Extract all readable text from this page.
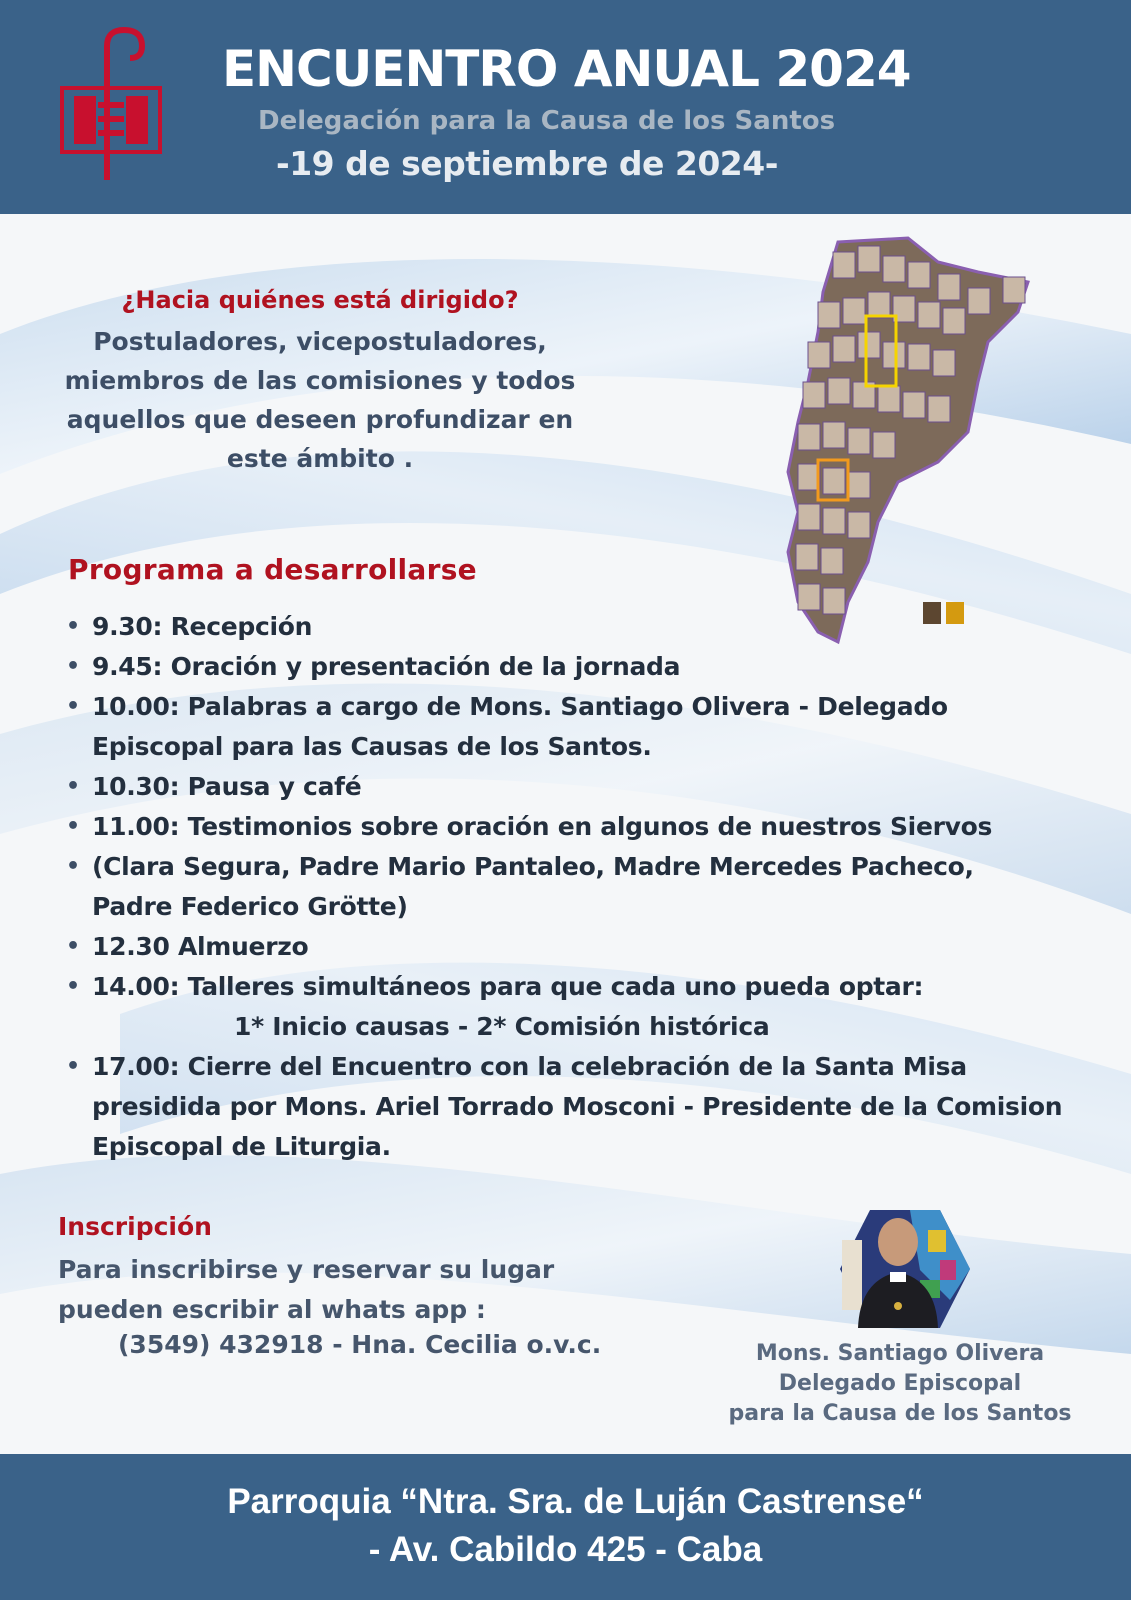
ENCUENTRO ANUAL 2024
Delegación para la Causa de los Santos
-19 de septiembre de 2024-
¿Hacia quiénes está dirigido?
Postuladores, vicepostuladores,
miembros de las comisiones y todos
aquellos que deseen profundizar en
este ámbito .
Programa a desarrollarse
• 9.30: Recepción
• 9.45: Oración y presentación de la jornada
• 10.00: Palabras a cargo de Mons. Santiago Olivera - Delegado
Episcopal para las Causas de los Santos.
• 10.30: Pausa y café
• 11.00: Testimonios sobre oración en algunos de nuestros Siervos
• (Clara Segura, Padre Mario Pantaleo, Madre Mercedes Pacheco,
Padre Federico Grötte)
• 12.30 Almuerzo
• 14.00: Talleres simultáneos para que cada uno pueda optar:
1* Inicio causas - 2* Comisión histórica
• 17.00: Cierre del Encuentro con la celebración de la Santa Misa
presidida por Mons. Ariel Torrado Mosconi - Presidente de la Comision
Episcopal de Liturgia.
Inscripción
Para inscribirse y reservar su lugar
pueden escribir al whats app :
(3549) 432918 - Hna. Cecilia o.v.c.	Mons. Santiago Olivera
Delegado Episcopal
para la Causa de los Santos
Parroquia “Ntra. Sra. de Luján Castrense“
- Av. Cabildo 425 - Caba
